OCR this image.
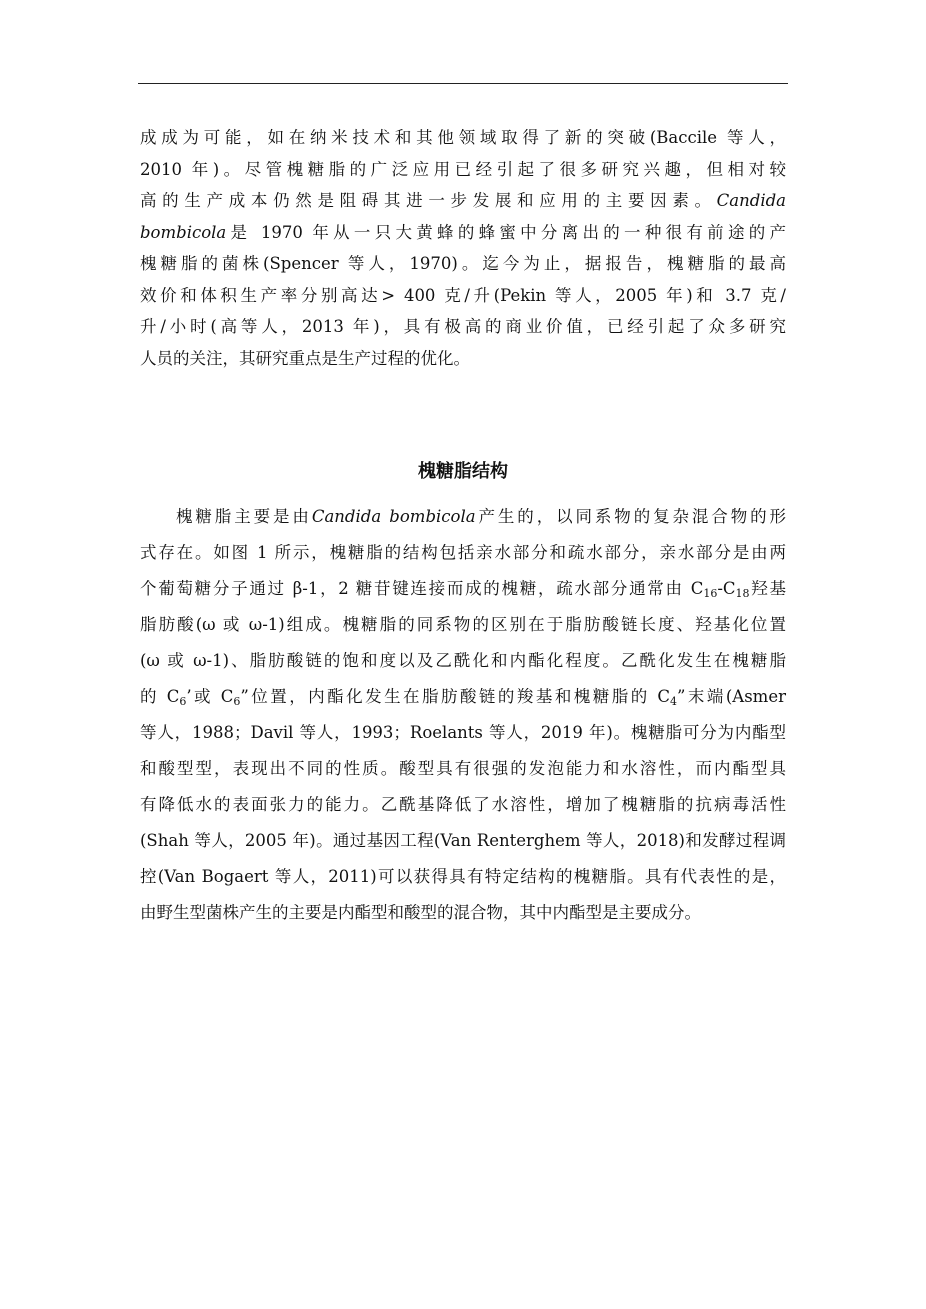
成成为可能，如在纳米技术和其他领域取得了新的突破(Baccile 等人，
2010 年)。尽管槐糖脂的广泛应用已经引起了很多研究兴趣，但相对较
高的生产成本仍然是阻碍其进一步发展和应用的主要因素。Candida
bombicola是 1970 年从一只大黄蜂的蜂蜜中分离出的一种很有前途的产
槐糖脂的菌株(Spencer 等人，1970)。迄今为止，据报告，槐糖脂的最高
效价和体积生产率分别高达> 400 克/升(Pekin 等人，2005 年)和 3.7 克/
升/小时(高等人，2013 年)，具有极高的商业价值，已经引起了众多研究
人员的关注，其研究重点是生产过程的优化。
槐糖脂结构
槐糖脂主要是由Candida bombicola产生的，以同系物的复杂混合物的形
式存在。如图 1 所示，槐糖脂的结构包括亲水部分和疏水部分，亲水部分是由两
个葡萄糖分子通过 β-1，2 糖苷键连接而成的槐糖，疏水部分通常由 $C_{16}-C_{18}$羟基
脂肪酸(ω 或 ω-1)组成。槐糖脂的同系物的区别在于脂肪酸链长度、羟基化位置
(ω 或 ω-1)、脂肪酸链的饱和度以及乙酰化和内酯化程度。乙酰化发生在槐糖脂
的 $C_6$’或 $C_6$”位置，内酯化发生在脂肪酸链的羧基和槐糖脂的 $C_4$”末端(Asmer
等人，1988；Davil 等人，1993；Roelants 等人，2019 年)。槐糖脂可分为内酯型
和酸型型，表现出不同的性质。酸型具有很强的发泡能力和水溶性，而内酯型具
有降低水的表面张力的能力。乙酰基降低了水溶性，增加了槐糖脂的抗病毒活性
(Shah 等人，2005 年)。通过基因工程(Van Renterghem 等人，2018)和发酵过程调
控(Van Bogaert 等人，2011)可以获得具有特定结构的槐糖脂。具有代表性的是，
由野生型菌株产生的主要是内酯型和酸型的混合物，其中内酯型是主要成分。
